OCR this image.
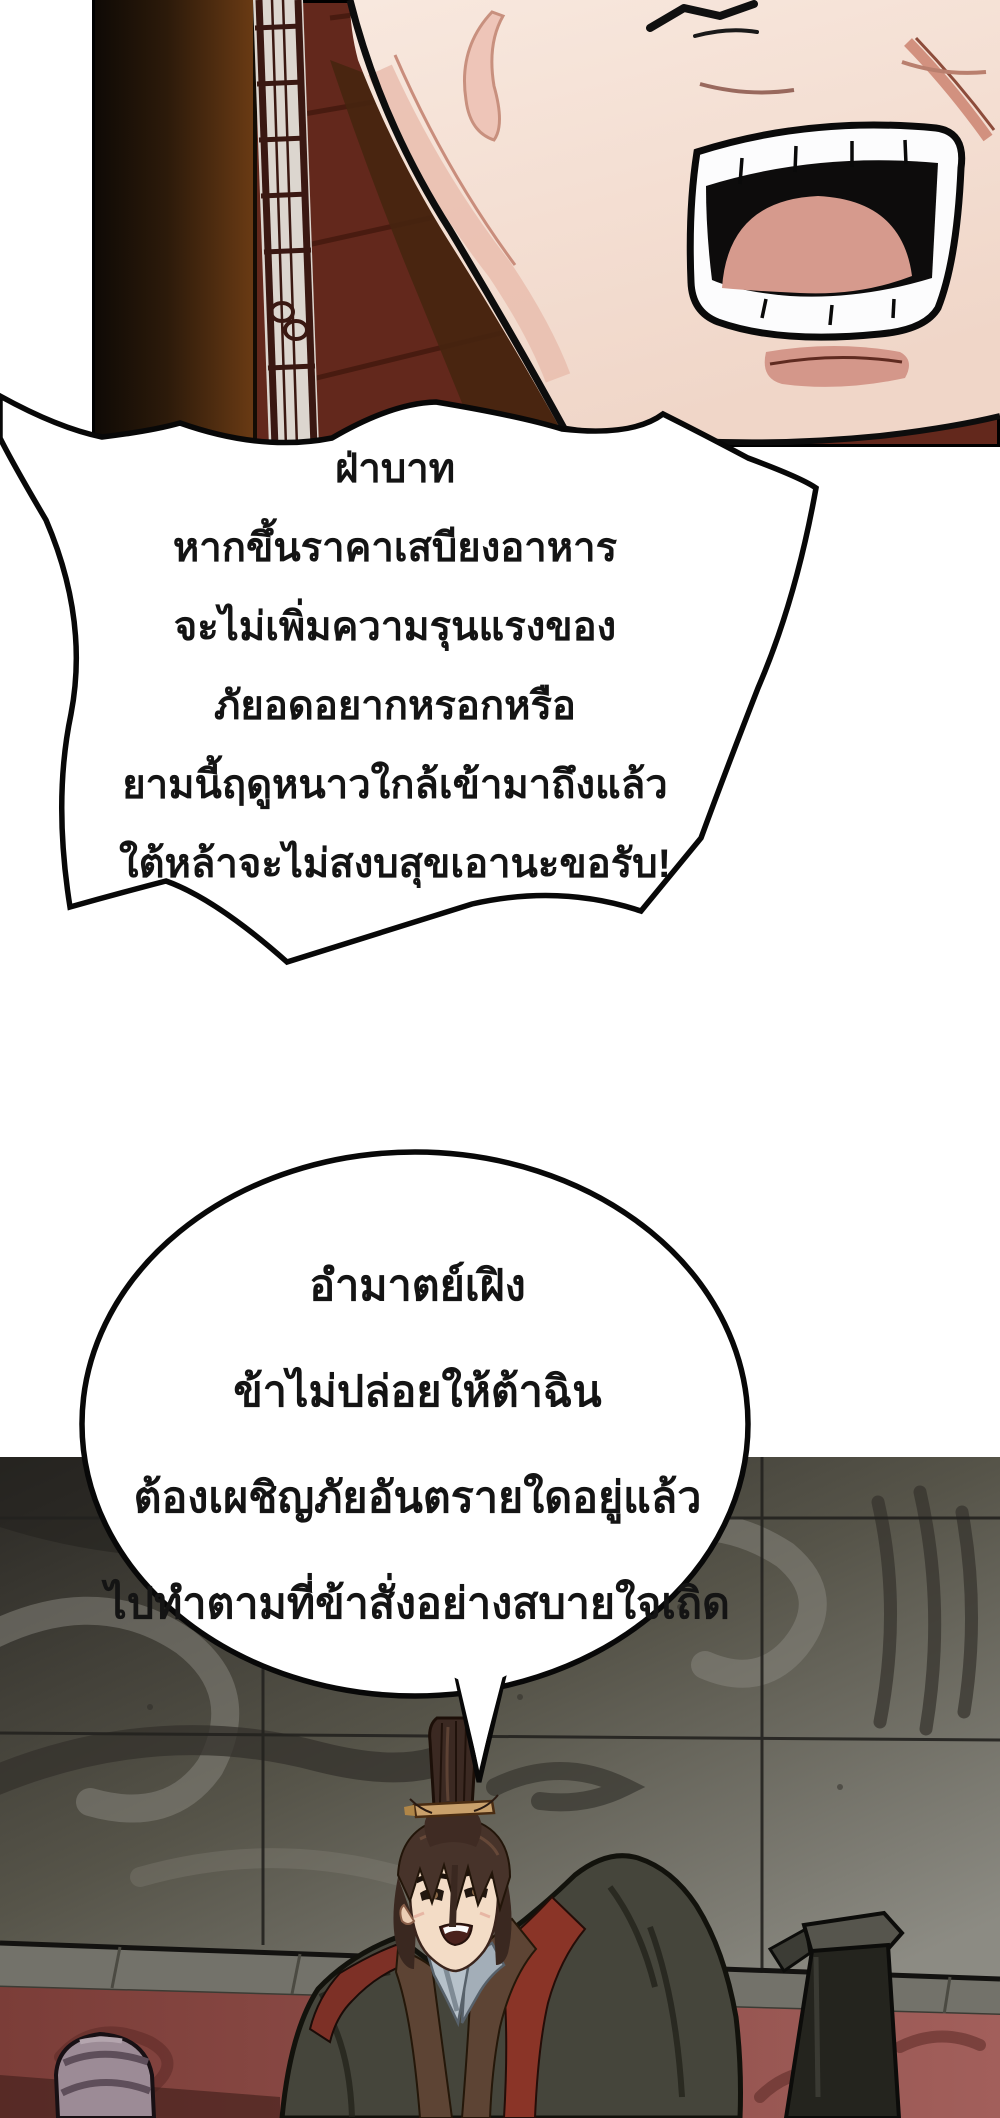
ฝ่าบาท
หากขึ้นราคาเสบียงอาหาร
จะไม่เพิ่มความรุนแรงของ
ภัยอดอยากหรอกหรือ
ยามนี้ฤดูหนาวใกล้เข้ามาถึงแล้ว
ใต้หล้าจะไม่สงบสุขเอานะขอรับ!
อำมาตย์เฝิง
ข้าไม่ปล่อยให้ต้าฉิน
ต้องเผชิญภัยอันตรายใดอยู่แล้ว
ไปทำตามที่ข้าสั่งอย่างสบายใจเถิด
